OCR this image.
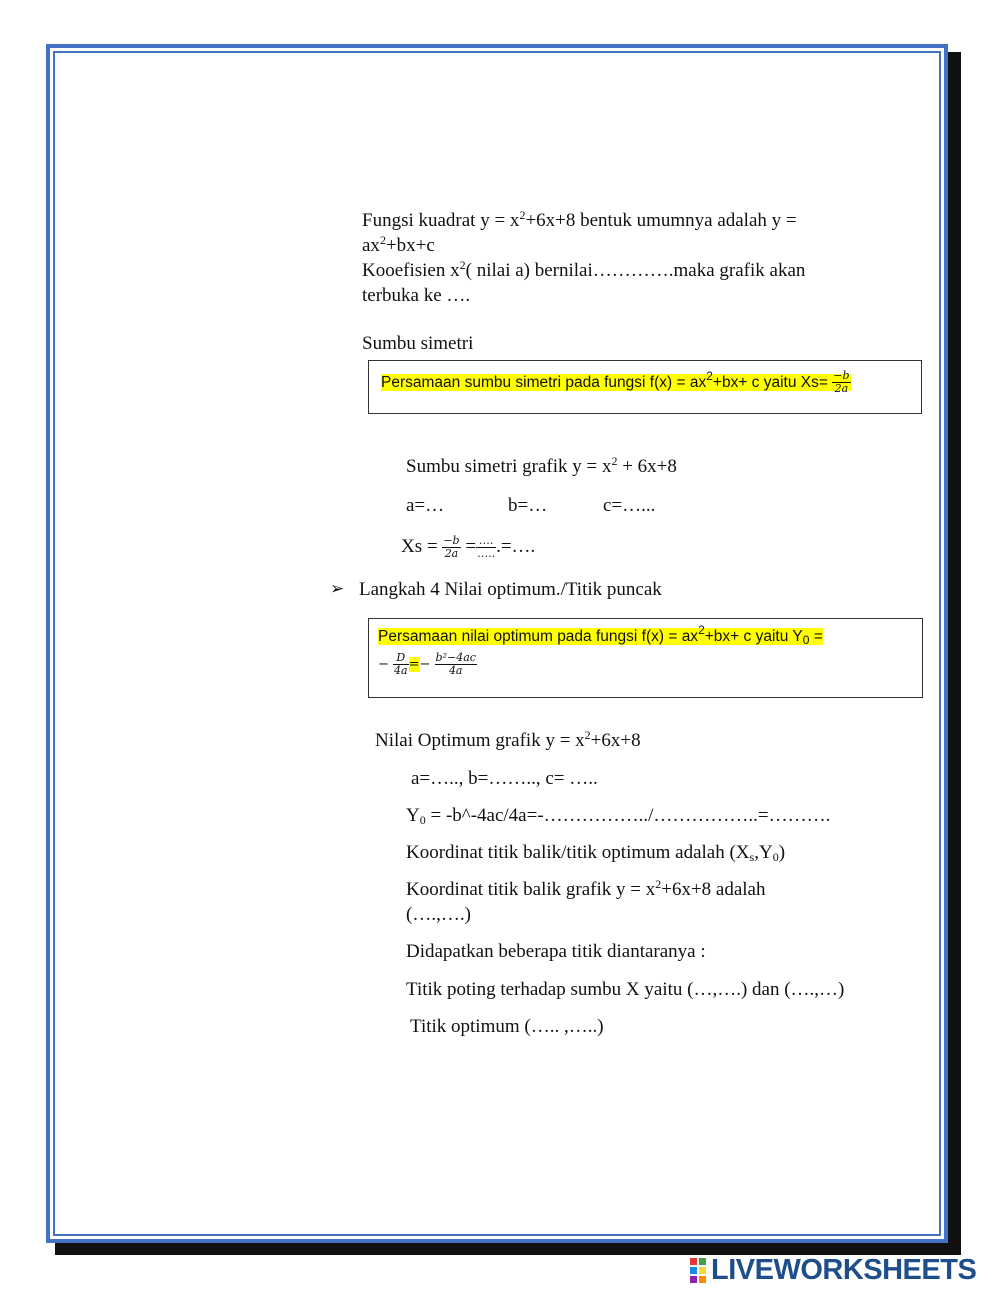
Fungsi kuadrat $y = x^2+6x+8$ bentuk umumnya adalah y =
$ax^2+bx+c$
Kooefisien $x^2$( nilai a) bernilai………….maka grafik akan
terbuka ke ….
Sumbu simetri
Persamaan sumbu simetri pada fungsi $f(x) = ax^2+bx+ c$ yaitu $Xs= \frac{-b}{2a}$
Sumbu simetri grafik $y = x^2 + 6x+8$
a=…	b=…	c=…...
$Xs = \frac{-b}{2a} = \frac{\dots.}{\dots..}$ .=….
➢ Langkah 4 Nilai optimum./Titik puncak
Persamaan nilai optimum pada fungsi $f(x) = ax^2+bx+ c$ yaitu $Y_0$ =
− $\frac{D}{4a} =- \frac{\text{b²−4ac}}{4a}$
Nilai Optimum grafik $y = x^2+6x+8$
a=….., b=…….., c= …..
$Y_0$ = -b^-4ac/4a=-……………../……………..=……….
Koordinat titik balik/titik optimum adalah $(X_s,Y_0)$
Koordinat titik balik grafik $y = x^2+6x+8$ adalah
(….,….)
Didapatkan beberapa titik diantaranya :
Titik poting terhadap sumbu X yaitu (…,….) dan (….,…)
Titik optimum (….. ,…..)
LIVEWORKSHEETS
